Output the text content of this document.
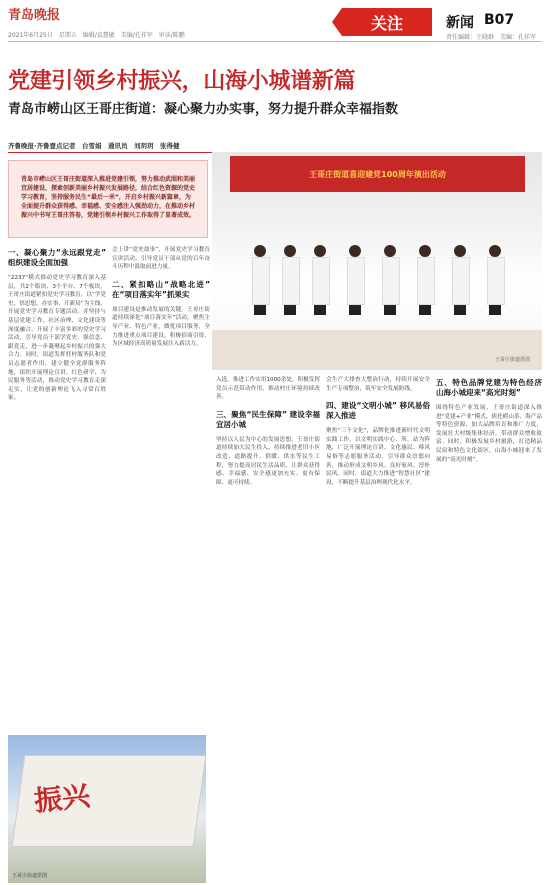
青岛晚报
2021年6月25日　星期五　编辑/袁慧敏　美编/孔祥军　审读/陈鹏
关注	新闻 B07
责任编辑：王晓群　美编：孔祥军
党建引领乡村振兴，山海小城谱新篇
青岛市崂山区王哥庄街道：凝心聚力办实事，努力提升群众幸福指数
齐鲁晚报·齐鲁壹点记者　台雪娟　通讯员　刘玥玥　张得健

青岛市崂山区王哥庄街道深入推进党建引领，努力推动武围和美丽宜居建设、探索创新美丽乡村振兴发展路径，结合红色资源的党史学习教育，坚持服务民生“最后一米”，开启乡村振兴新篇章，为全面提升群众获得感、幸福感、安全感注入强劲动力，在推动乡村振兴中书写王哥庄答卷，党建引领乡村振兴工作取得了显著成效。

王哥庄街道喜迎建党100周年演出活动
王哥庄街道供图
一、凝心聚力“永远跟党走” 组织建设全面加强

“2237”模式推动党史学习教育深入基层，共2个版块、3个平台、7个板块，王哥庄街道紧扣党史学习教育，以“学党史、悟思想、办实事、开新局”为主线，开展党史学习教育专题活动，并坚持与基层党建工作、社区治理、文化建设等深度融合，开展了丰富多彩的党史学习活动，引导党员干部学党史、强信念、跟党走，进一步凝聚起乡村振兴的强大合力。同时，街道发挥驻村服务队和党员志愿者作用，建立健全党群服务阵地，组织开展理论宣讲、红色研学、为民服务等活动，推动党史学习教育走深走实，让党的创新理论飞入寻常百姓家。

会上讲“党史故事”，开展党史学习教育宣讲活动，引导党员干部从党的百年奋斗历程中汲取前进力量。

二、紧扣略山“战略北进” 在“项目落实年”抓果实

项目建设是推动发展的关键。王哥庄街道持续深化“项目落实年”活动，聚焦主导产业、特色产业，做优项目服务，全力推进重点项目建设，积极招商引资，为区域经济高质量发展注入新活力。

入选，推进工作实用1000余处，积极发挥党员示范带动作用，推动村庄环境持续改善。

三、聚焦“民生保障” 建设幸福宜居小城

坚持以人民为中心的发展思想，王哥庄街道持续加大民生投入，持续推进老旧小区改造、道路提升、供暖、供水等民生工程，努力提高居民生活品质，让群众获得感、幸福感、安全感更加充实、更有保障、更可持续。

会生产大排查大整治行动，持续开展安全生产专项整治，筑牢安全发展防线。

四、建设“文明小城” 移风易俗深入推进

聚焦“三个文化”，品牌化推进新时代文明实践工作。以文明实践中心、所、站为阵地，广泛开展理论宣讲、文化惠民、移风易俗等志愿服务活动，引导群众崇德向善，推动形成文明乡风、良好家风、淳朴民风。同时，街道大力推进“智慧社区”建设，不断提升基层治理现代化水平。

五、特色品牌党建为特色经济 山海小城迎来“高光时刻”

围绕特色产业发展，王哥庄街道深入推进“党建+产业”模式，依托崂山茶、海产品等特色资源，加大品牌培育和推广力度，发展壮大村级集体经济，带动群众增收致富。同时，积极发展乡村旅游，打造精品民宿和特色文化街区，山海小城迎来了发展的“高光时刻”。

振兴
王哥庄街道供图
